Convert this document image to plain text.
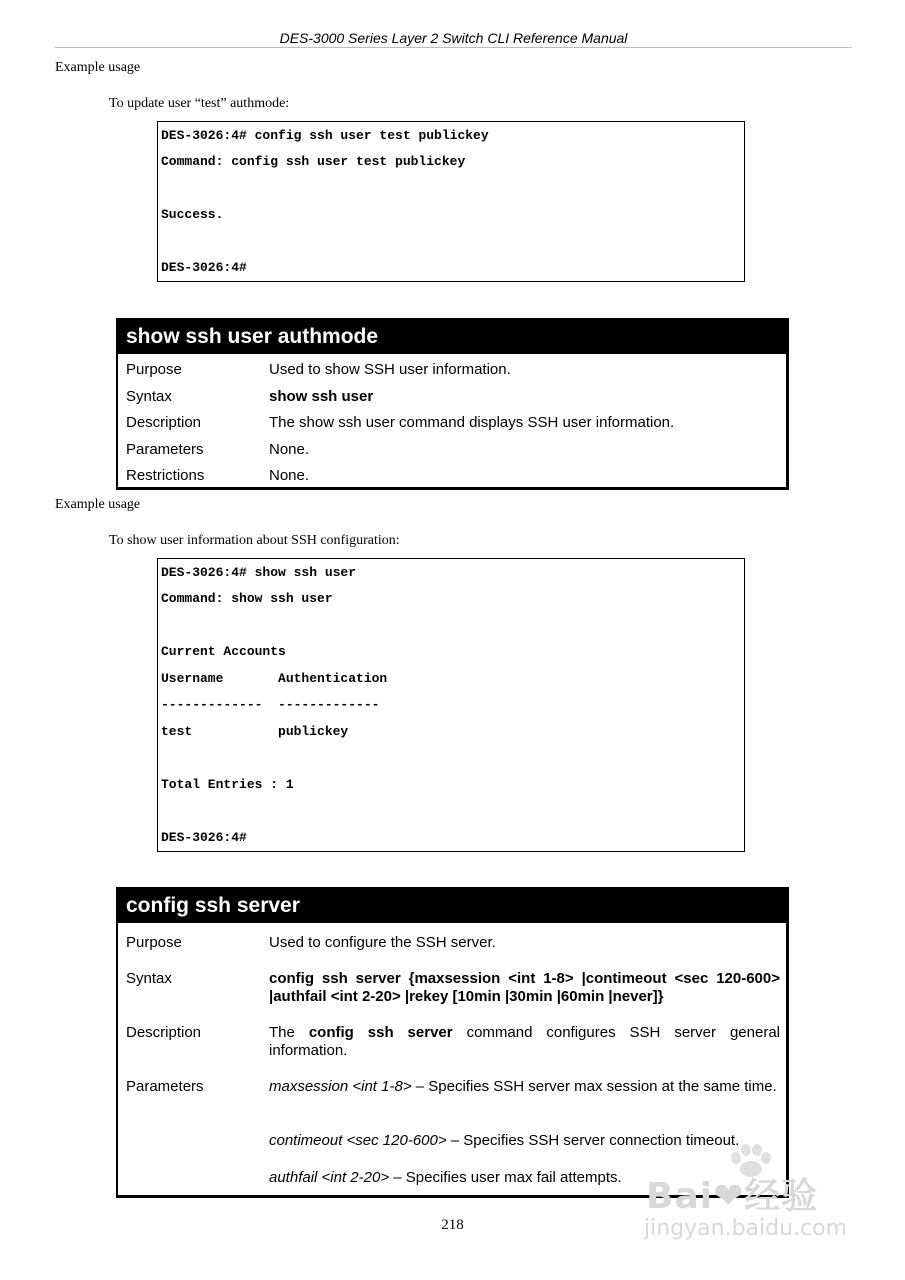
DES-3000 Series Layer 2 Switch CLI Reference Manual
Example usage
To update user “test” authmode:
DES-3026:4# config ssh user test publickey
Command: config ssh user test publickey
Success.
DES-3026:4#
show ssh user authmode
Purpose	Used to show SSH user information.
Syntax	show ssh user
Description	The show ssh user command displays SSH user information.
Parameters	None.
Restrictions	None.
Example usage
To show user information about SSH configuration:
DES-3026:4# show ssh user
Command: show ssh user
Current Accounts
Username       Authentication
-------------  -------------
test           publickey
Total Entries : 1
DES-3026:4#
config ssh server
Purpose	Used to configure the SSH server.
Syntax	config ssh server {maxsession <int 1-8> |contimeout <sec 120-600> |authfail <int 2-20> |rekey [10min |30min |60min |never]}
Description	The config ssh server command configures SSH server general information.
Parameters	maxsession <int 1-8> – Specifies SSH server max session at the same time.
contimeout <sec 120-600> – Specifies SSH server connection timeout.
authfail <int 2-20> – Specifies user max fail attempts.
218
Bai❤经验
jingyan.baidu.com
